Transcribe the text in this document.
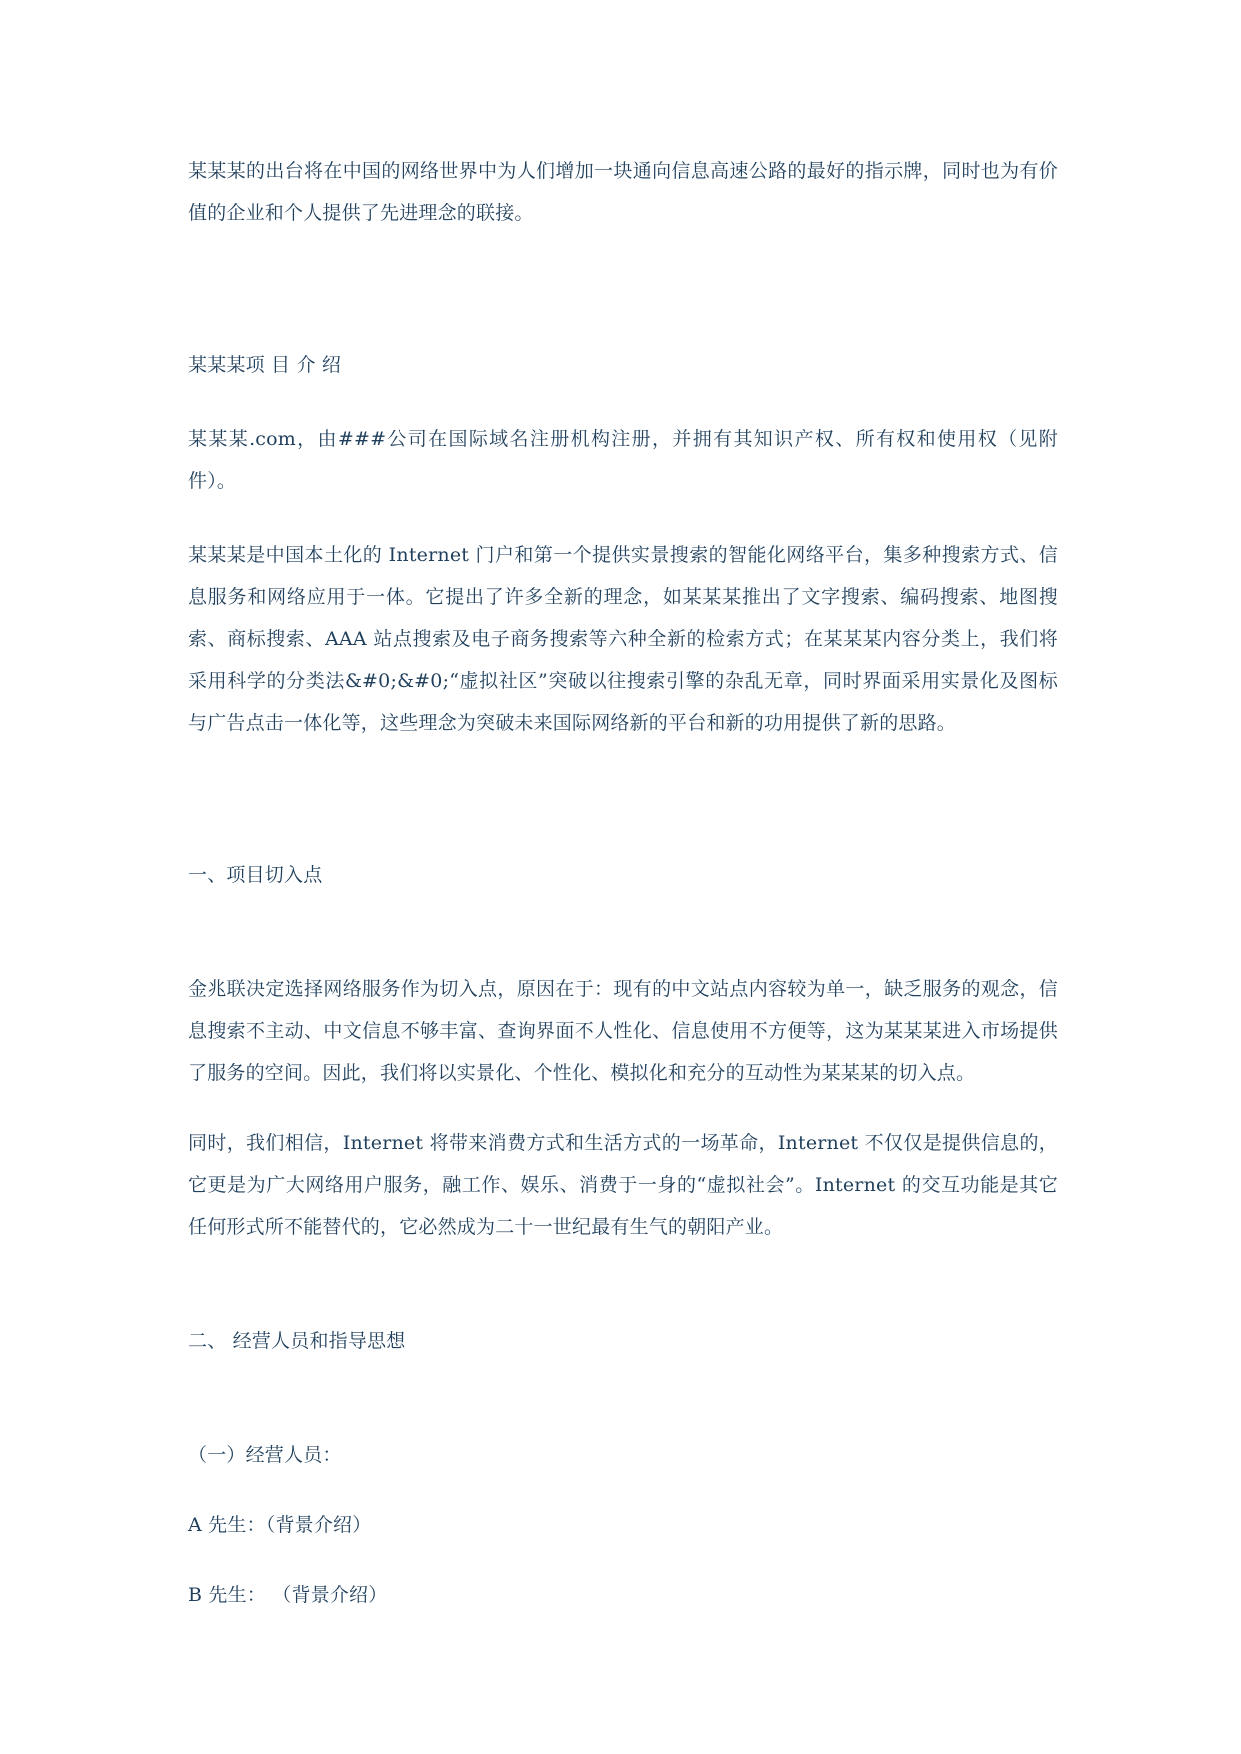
某某某的出台将在中国的网络世界中为人们增加一块通向信息高速公路的最好的指示牌，同时也为有价值的企业和个人提供了先进理念的联接。

某某某项 目 介 绍

某某某.com，由###公司在国际域名注册机构注册，并拥有其知识产权、所有权和使用权（见附件）。

某某某是中国本土化的 Internet 门户和第一个提供实景搜索的智能化网络平台，集多种搜索方式、信息服务和网络应用于一体。它提出了许多全新的理念，如某某某推出了文字搜索、编码搜索、地图搜索、商标搜索、AAA 站点搜索及电子商务搜索等六种全新的检索方式；在某某某内容分类上，我们将采用科学的分类法&#0;&#0;“虚拟社区”突破以往搜索引擎的杂乱无章，同时界面采用实景化及图标与广告点击一体化等，这些理念为突破未来国际网络新的平台和新的功用提供了新的思路。

一、项目切入点

金兆联决定选择网络服务作为切入点，原因在于：现有的中文站点内容较为单一，缺乏服务的观念，信息搜索不主动、中文信息不够丰富、查询界面不人性化、信息使用不方便等，这为某某某进入市场提供了服务的空间。因此，我们将以实景化、个性化、模拟化和充分的互动性为某某某的切入点。

同时，我们相信，Internet 将带来消费方式和生活方式的一场革命，Internet 不仅仅是提供信息的，它更是为广大网络用户服务，融工作、娱乐、消费于一身的“虚拟社会”。Internet 的交互功能是其它任何形式所不能替代的，它必然成为二十一世纪最有生气的朝阳产业。

二、 经营人员和指导思想

（一）经营人员：

A 先生：（背景介绍）

B 先生： （背景介绍）
